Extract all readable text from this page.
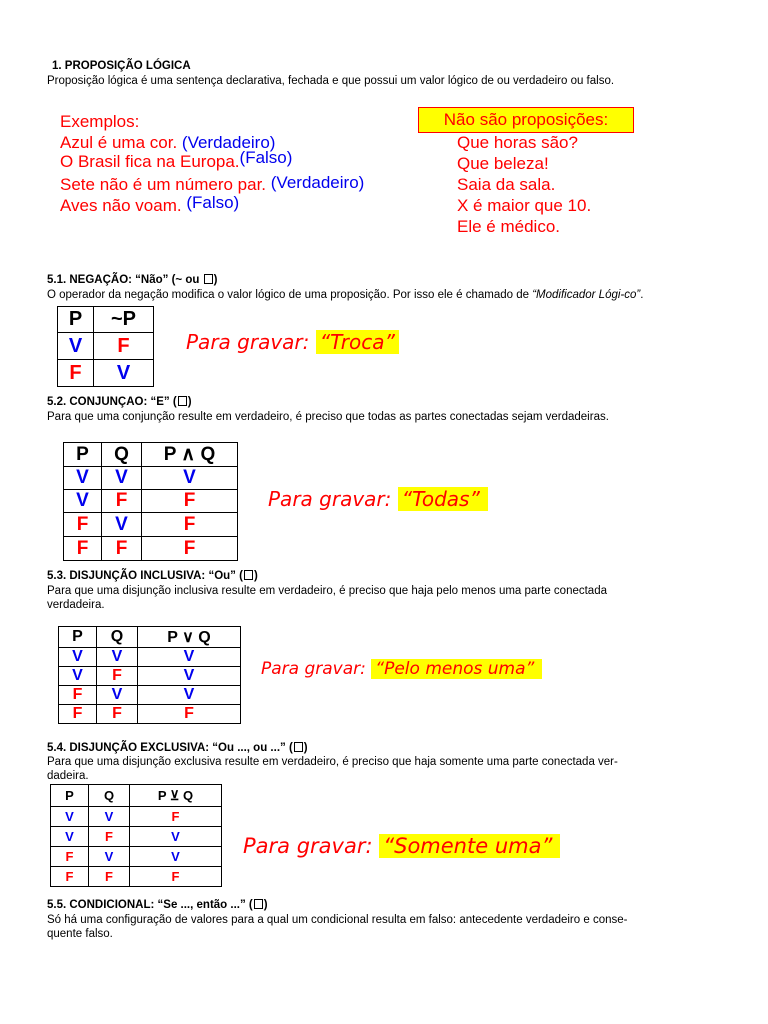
1. PROPOSIÇÃO LÓGICA
Proposição lógica é uma sentença declarativa, fechada e que possui um valor lógico de ou verdadeiro ou falso.
Exemplos:
Azul é uma cor. (Verdadeiro)
O Brasil fica na Europa.(Falso)
Sete não é um número par. (Verdadeiro)
Aves não voam. (Falso)
Não são proposições:
Que horas são?
Que beleza!
Saia da sala.
X é maior que 10.
Ele é médico.
5.1. NEGAÇÃO: “Não” (~ ou )
O operador da negação modifica o valor lógico de uma proposição. Por isso ele é chamado de “Modificador Lógi-co”.
P	~P
V	F
F	V
Para gravar: “Troca”
5.2. CONJUNÇAO: “E” ( )
Para que uma conjunção resulte em verdadeiro, é preciso que todas as partes conectadas sejam verdadeiras.
P	Q	P ∧ Q
V	V	V
V	F	F
F	V	F
F	F	F
Para gravar: “Todas”
5.3. DISJUNÇÃO INCLUSIVA: “Ou” ( )
Para que uma disjunção inclusiva resulte em verdadeiro, é preciso que haja pelo menos uma parte conectada
verdadeira.
P	Q	P ∨ Q
V	V	V
V	F	V
F	V	V
F	F	F
Para gravar: “Pelo menos uma”
5.4. DISJUNÇÃO EXCLUSIVA: “Ou ..., ou ...” ( )
Para que uma disjunção exclusiva resulte em verdadeiro, é preciso que haja somente uma parte conectada ver-
dadeira.
P	Q	P ⊻ Q
V	V	F
V	F	V
F	V	V
F	F	F
Para gravar: “Somente uma”
5.5. CONDICIONAL: “Se ..., então ...” ( )
Só há uma configuração de valores para a qual um condicional resulta em falso: antecedente verdadeiro e conse-
quente falso.
